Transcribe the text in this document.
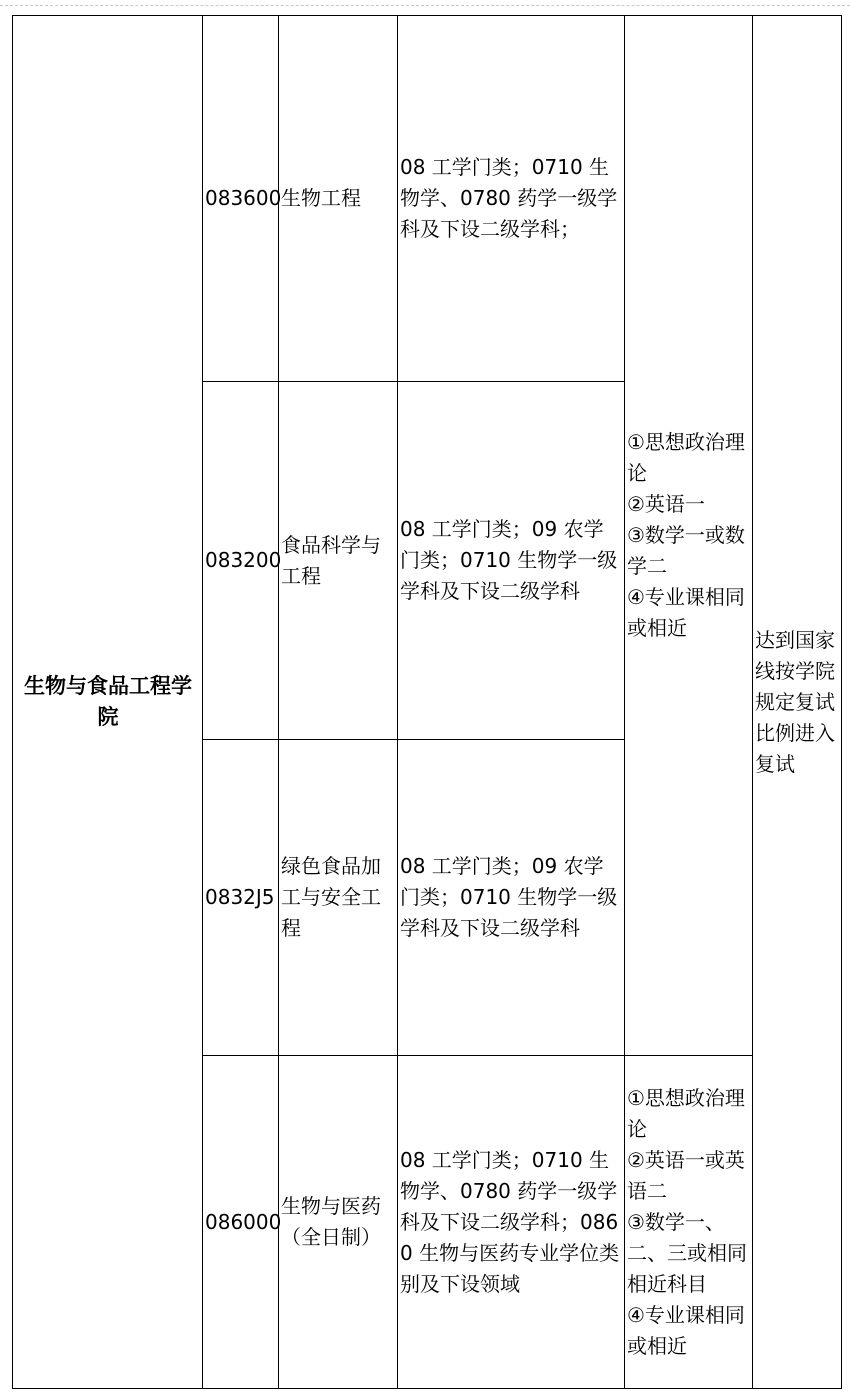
生物与食品工程学院	083600	生物工程	08 工学门类；0710 生物学、0780 药学一级学科及下设二级学科；	①思想政治理论
②英语一
③数学一或数学二
④专业课相同或相近	达到国家线按学院规定复试比例进入复试
	083200	食品科学与工程	08 工学门类；09 农学门类；0710 生物学一级学科及下设二级学科		
	0832J5	绿色食品加工与安全工程	08 工学门类；09 农学门类；0710 生物学一级学科及下设二级学科		
	086000	生物与医药（全日制）	08 工学门类；0710 生物学、0780 药学一级学科及下设二级学科；0860 生物与医药专业学位类别及下设领域	①思想政治理论
②英语一或英语二
③数学一、二、三或相同相近科目
④专业课相同或相近	
